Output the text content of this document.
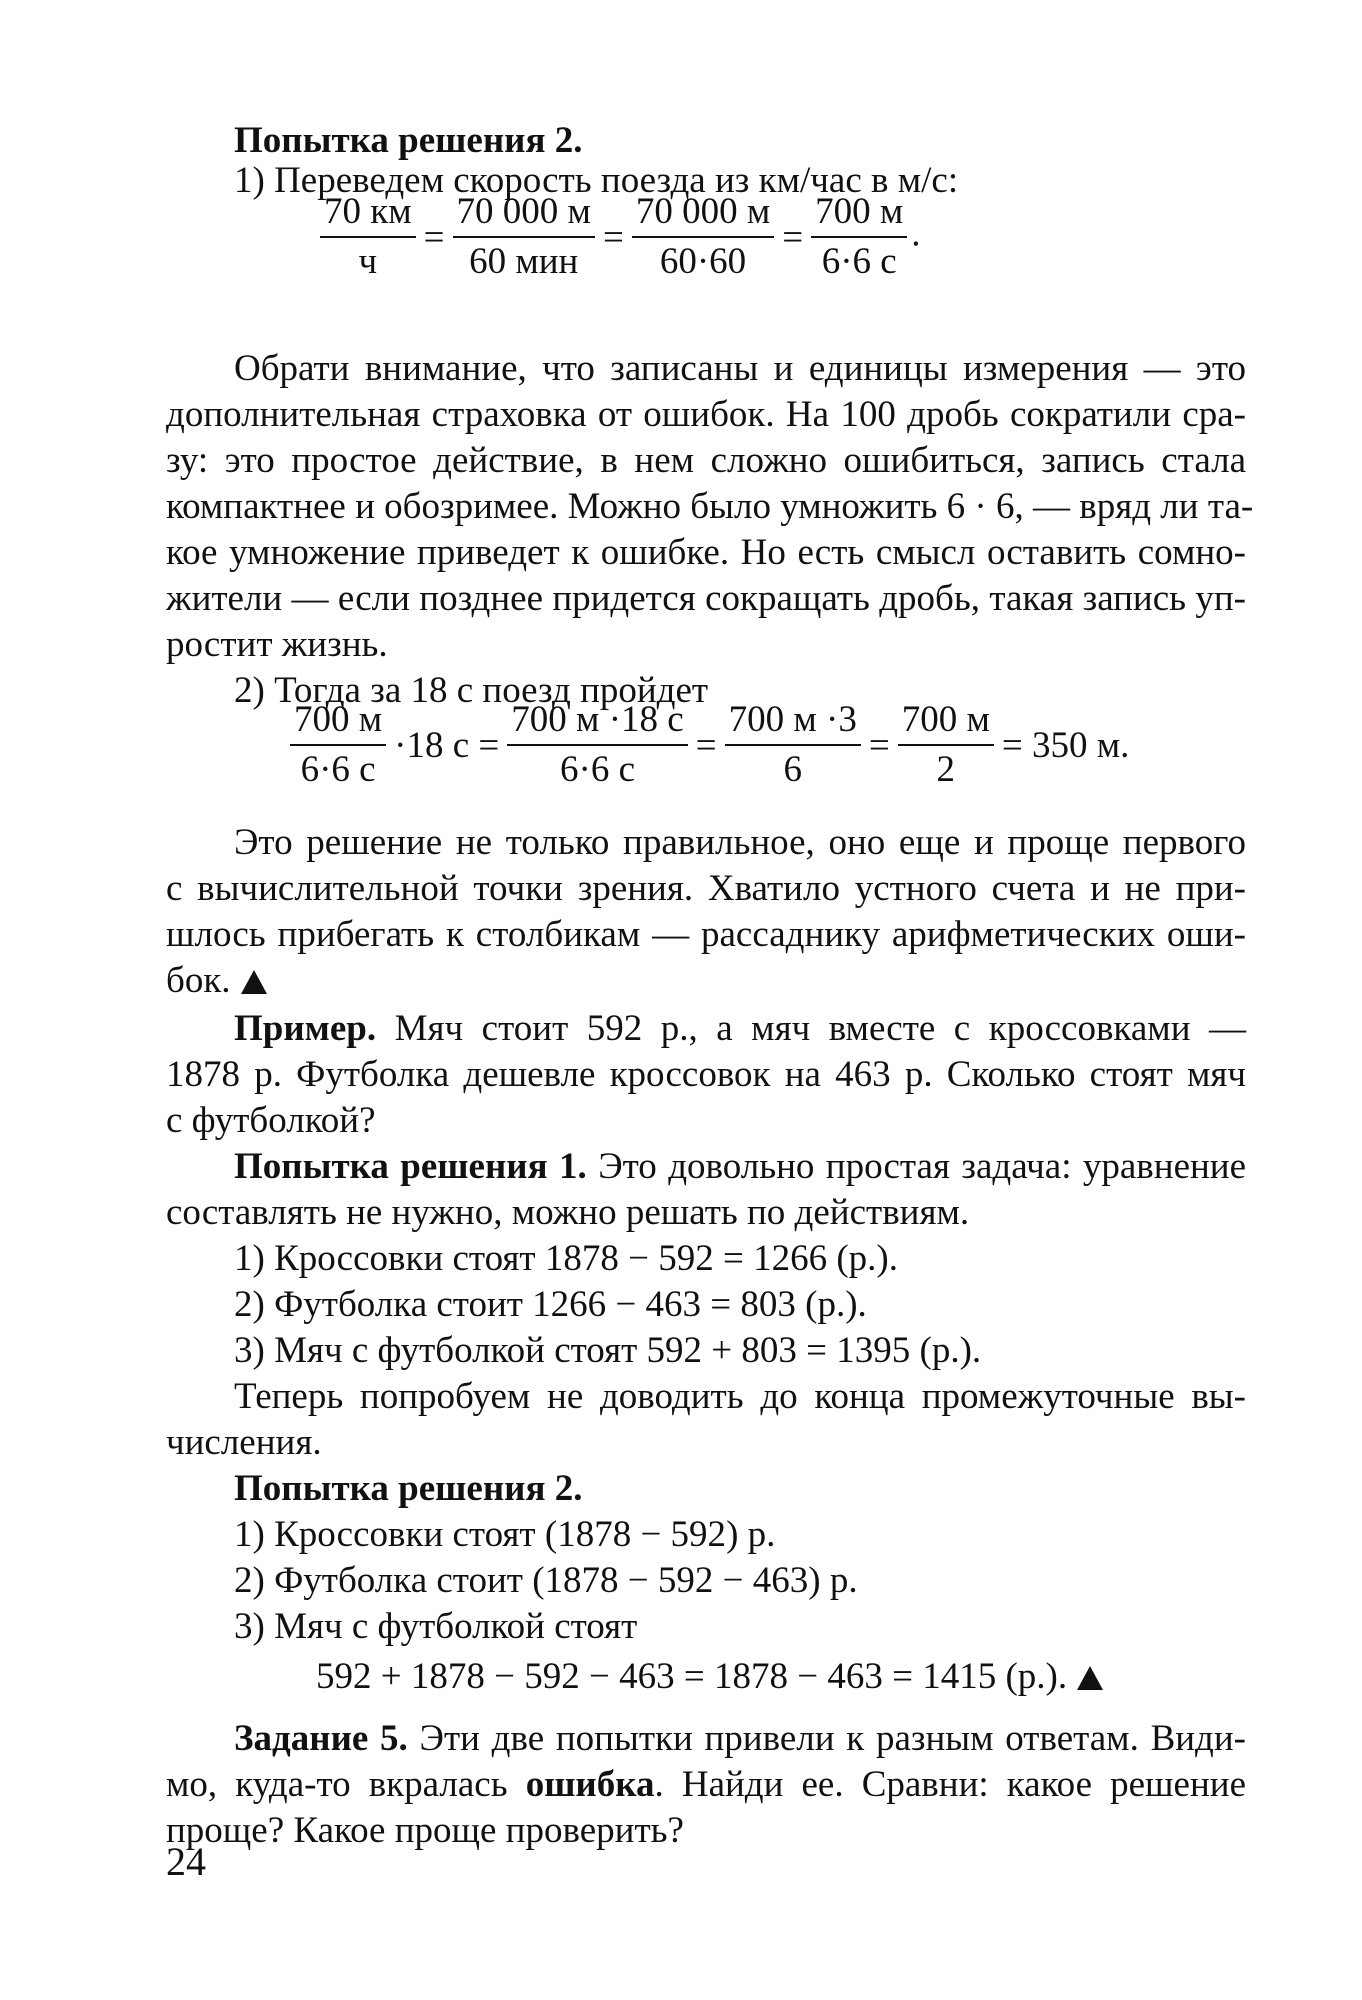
Попытка решения 2.
1) Переведем скорость поезда из км/час в м/с:
$\frac{70 км}{ч} = \frac{70 000 м}{\text{60 мин}} = \frac{70 000 м}{60\cdot 60} = \frac{700 м}{6\cdot 6 с}$ .
Обрати внимание, что записаны и единицы измерения — это
дополнительная страховка от ошибок. На 100 дробь сократили сра-
зу: это простое действие, в нем сложно ошибиться, запись стала
компактнее и обозримее. Можно было умножить 6 · 6, — вряд ли та-
кое умножение приведет к ошибке. Но есть смысл оставить сомно-
жители — если позднее придется сокращать дробь, такая запись уп-
ростит жизнь.
2) Тогда за 18 с поезд пройдет
$\frac{700 м}{6\cdot 6 с} \cdot 18$ $с = \frac{700 м \cdot 18 с}{6\cdot 6 с} = \frac{700 м \cdot 3}{6} = \frac{700 м}{2} = 350$ м.
Это решение не только правильное, оно еще и проще первого
с вычислительной точки зрения. Хватило устного счета и не при-
шлось прибегать к столбикам — рассаднику арифметических оши-
бок.
Пример. Мяч стоит 592 р., а мяч вместе с кроссовками —
1878 р. Футболка дешевле кроссовок на 463 р. Сколько стоят мяч
с футболкой?
Попытка решения 1. Это довольно простая задача: уравнение
составлять не нужно, можно решать по действиям.
1) Кроссовки стоят 1878 − 592 = 1266 (р.).
2) Футболка стоит 1266 − 463 = 803 (р.).
3) Мяч с футболкой стоят 592 + 803 = 1395 (р.).
Теперь попробуем не доводить до конца промежуточные вы-
числения.
Попытка решения 2.
1) Кроссовки стоят (1878 − 592) р.
2) Футболка стоит (1878 − 592 − 463) р.
3) Мяч с футболкой стоят
592 + 1878 − 592 − 463 = 1878 − 463 = 1415 (р.).
Задание 5. Эти две попытки привели к разным ответам. Види-
мо, куда-то вкралась ошибка. Найди ее. Сравни: какое решение
проще? Какое проще проверить?
24
